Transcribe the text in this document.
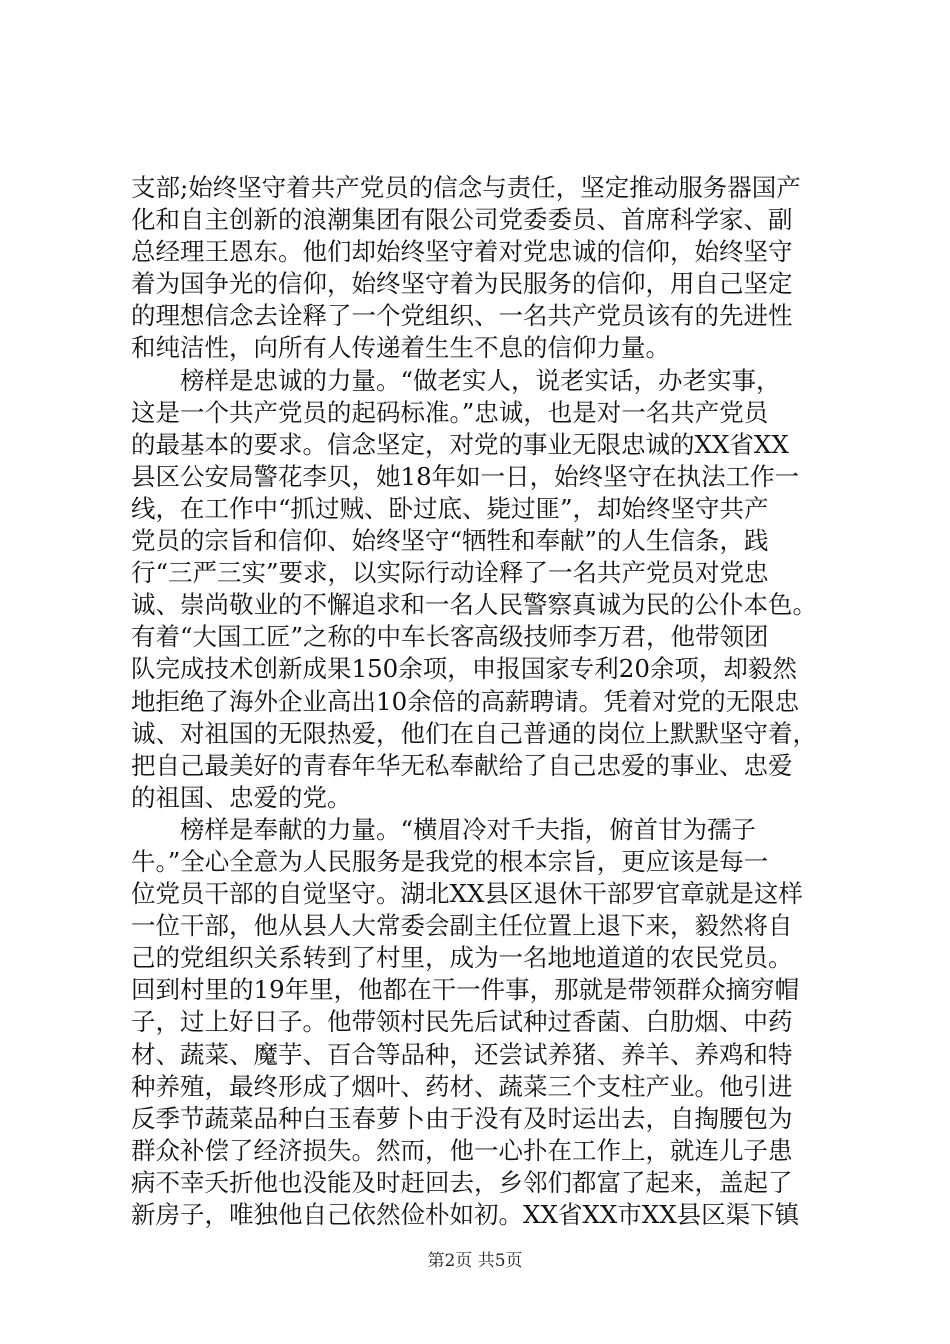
支部;始终坚守着共产党员的信念与责任，坚定推动服务器国产
化和自主创新的浪潮集团有限公司党委委员、首席科学家、副
总经理王恩东。他们却始终坚守着对党忠诚的信仰，始终坚守
着为国争光的信仰，始终坚守着为民服务的信仰，用自己坚定
的理想信念去诠释了一个党组织、一名共产党员该有的先进性
和纯洁性，向所有人传递着生生不息的信仰力量。
榜样是忠诚的力量。“做老实人，说老实话，办老实事，
这是一个共产党员的起码标准。”忠诚，也是对一名共产党员
的最基本的要求。信念坚定，对党的事业无限忠诚的XX省XX
县区公安局警花李贝，她18年如一日，始终坚守在执法工作一
线，在工作中“抓过贼、卧过底、毙过匪”，却始终坚守共产
党员的宗旨和信仰、始终坚守“牺牲和奉献”的人生信条，践
行“三严三实”要求，以实际行动诠释了一名共产党员对党忠
诚、崇尚敬业的不懈追求和一名人民警察真诚为民的公仆本色。
有着“大国工匠”之称的中车长客高级技师李万君，他带领团
队完成技术创新成果150余项，申报国家专利20余项，却毅然
地拒绝了海外企业高出10余倍的高薪聘请。凭着对党的无限忠
诚、对祖国的无限热爱，他们在自己普通的岗位上默默坚守着，
把自己最美好的青春年华无私奉献给了自己忠爱的事业、忠爱
的祖国、忠爱的党。
榜样是奉献的力量。“横眉冷对千夫指，俯首甘为孺子
牛。”全心全意为人民服务是我党的根本宗旨，更应该是每一
位党员干部的自觉坚守。湖北XX县区退休干部罗官章就是这样
一位干部，他从县人大常委会副主任位置上退下来，毅然将自
己的党组织关系转到了村里，成为一名地地道道的农民党员。
回到村里的19年里，他都在干一件事，那就是带领群众摘穷帽
子，过上好日子。他带领村民先后试种过香菌、白肋烟、中药
材、蔬菜、魔芋、百合等品种，还尝试养猪、养羊、养鸡和特
种养殖，最终形成了烟叶、药材、蔬菜三个支柱产业。他引进
反季节蔬菜品种白玉春萝卜由于没有及时运出去，自掏腰包为
群众补偿了经济损失。然而，他一心扑在工作上，就连儿子患
病不幸夭折他也没能及时赶回去，乡邻们都富了起来，盖起了
新房子，唯独他自己依然俭朴如初。XX省XX市XX县区渠下镇
第2页 共5页
